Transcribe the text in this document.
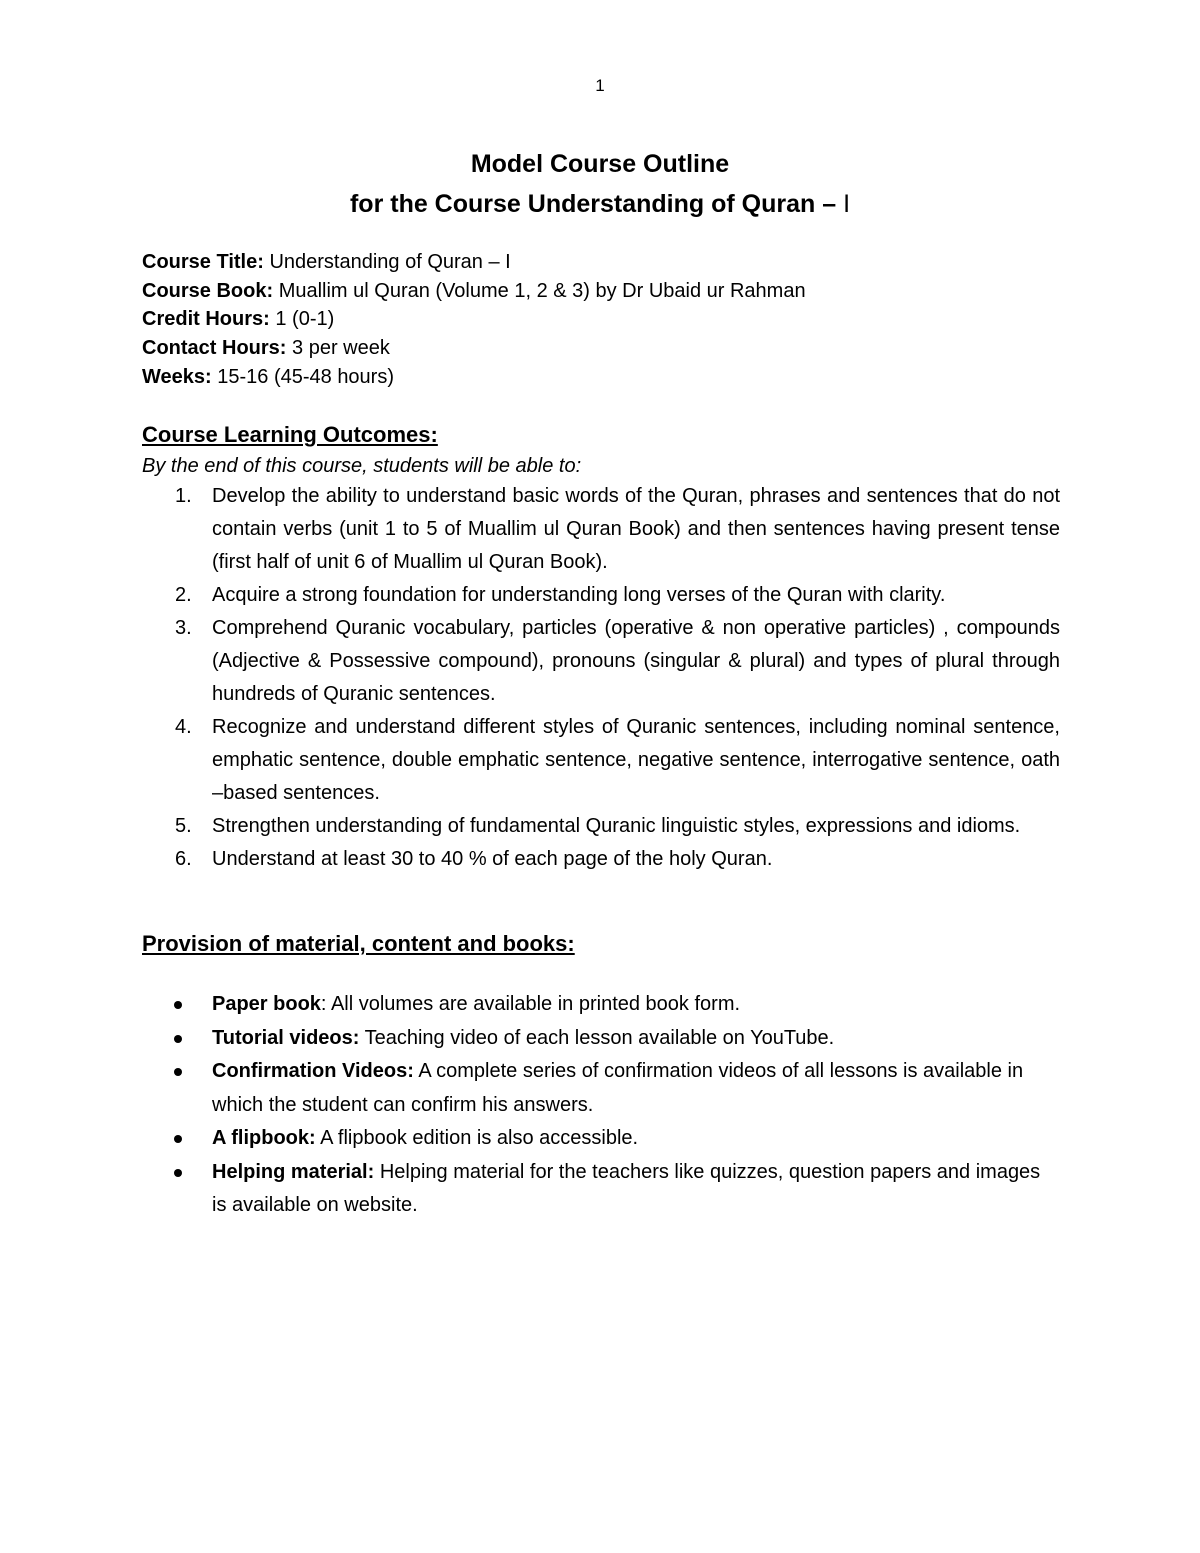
1
Model Course Outline
for the Course Understanding of Quran – I
Course Title: Understanding of Quran – I
Course Book: Muallim ul Quran (Volume 1, 2 & 3) by Dr Ubaid ur Rahman
Credit Hours: 1 (0-1)
Contact Hours: 3 per week
Weeks: 15-16 (45-48 hours)
Course Learning Outcomes:
By the end of this course, students will be able to:
1. Develop the ability to understand basic words of the Quran, phrases and sentences that do not contain verbs (unit 1 to 5 of Muallim ul Quran Book) and then sentences having present tense (first half of unit 6 of Muallim ul Quran Book).
2. Acquire a strong foundation for understanding long verses of the Quran with clarity.
3. Comprehend Quranic vocabulary, particles (operative & non operative particles) , compounds (Adjective & Possessive compound), pronouns (singular & plural) and types of plural through hundreds of Quranic sentences.
4. Recognize and understand different styles of Quranic sentences, including nominal sentence, emphatic sentence, double emphatic sentence, negative sentence, interrogative sentence, oath –based sentences.
5. Strengthen understanding of fundamental Quranic linguistic styles, expressions and idioms.
6. Understand at least 30 to 40 % of each page of the holy Quran.
Provision of material, content and books:
Paper book: All volumes are available in printed book form.
Tutorial videos: Teaching video of each lesson available on YouTube.
Confirmation Videos: A complete series of confirmation videos of all lessons is available in which the student can confirm his answers.
A flipbook: A flipbook edition is also accessible.
Helping material: Helping material for the teachers like quizzes, question papers and images is available on website.
